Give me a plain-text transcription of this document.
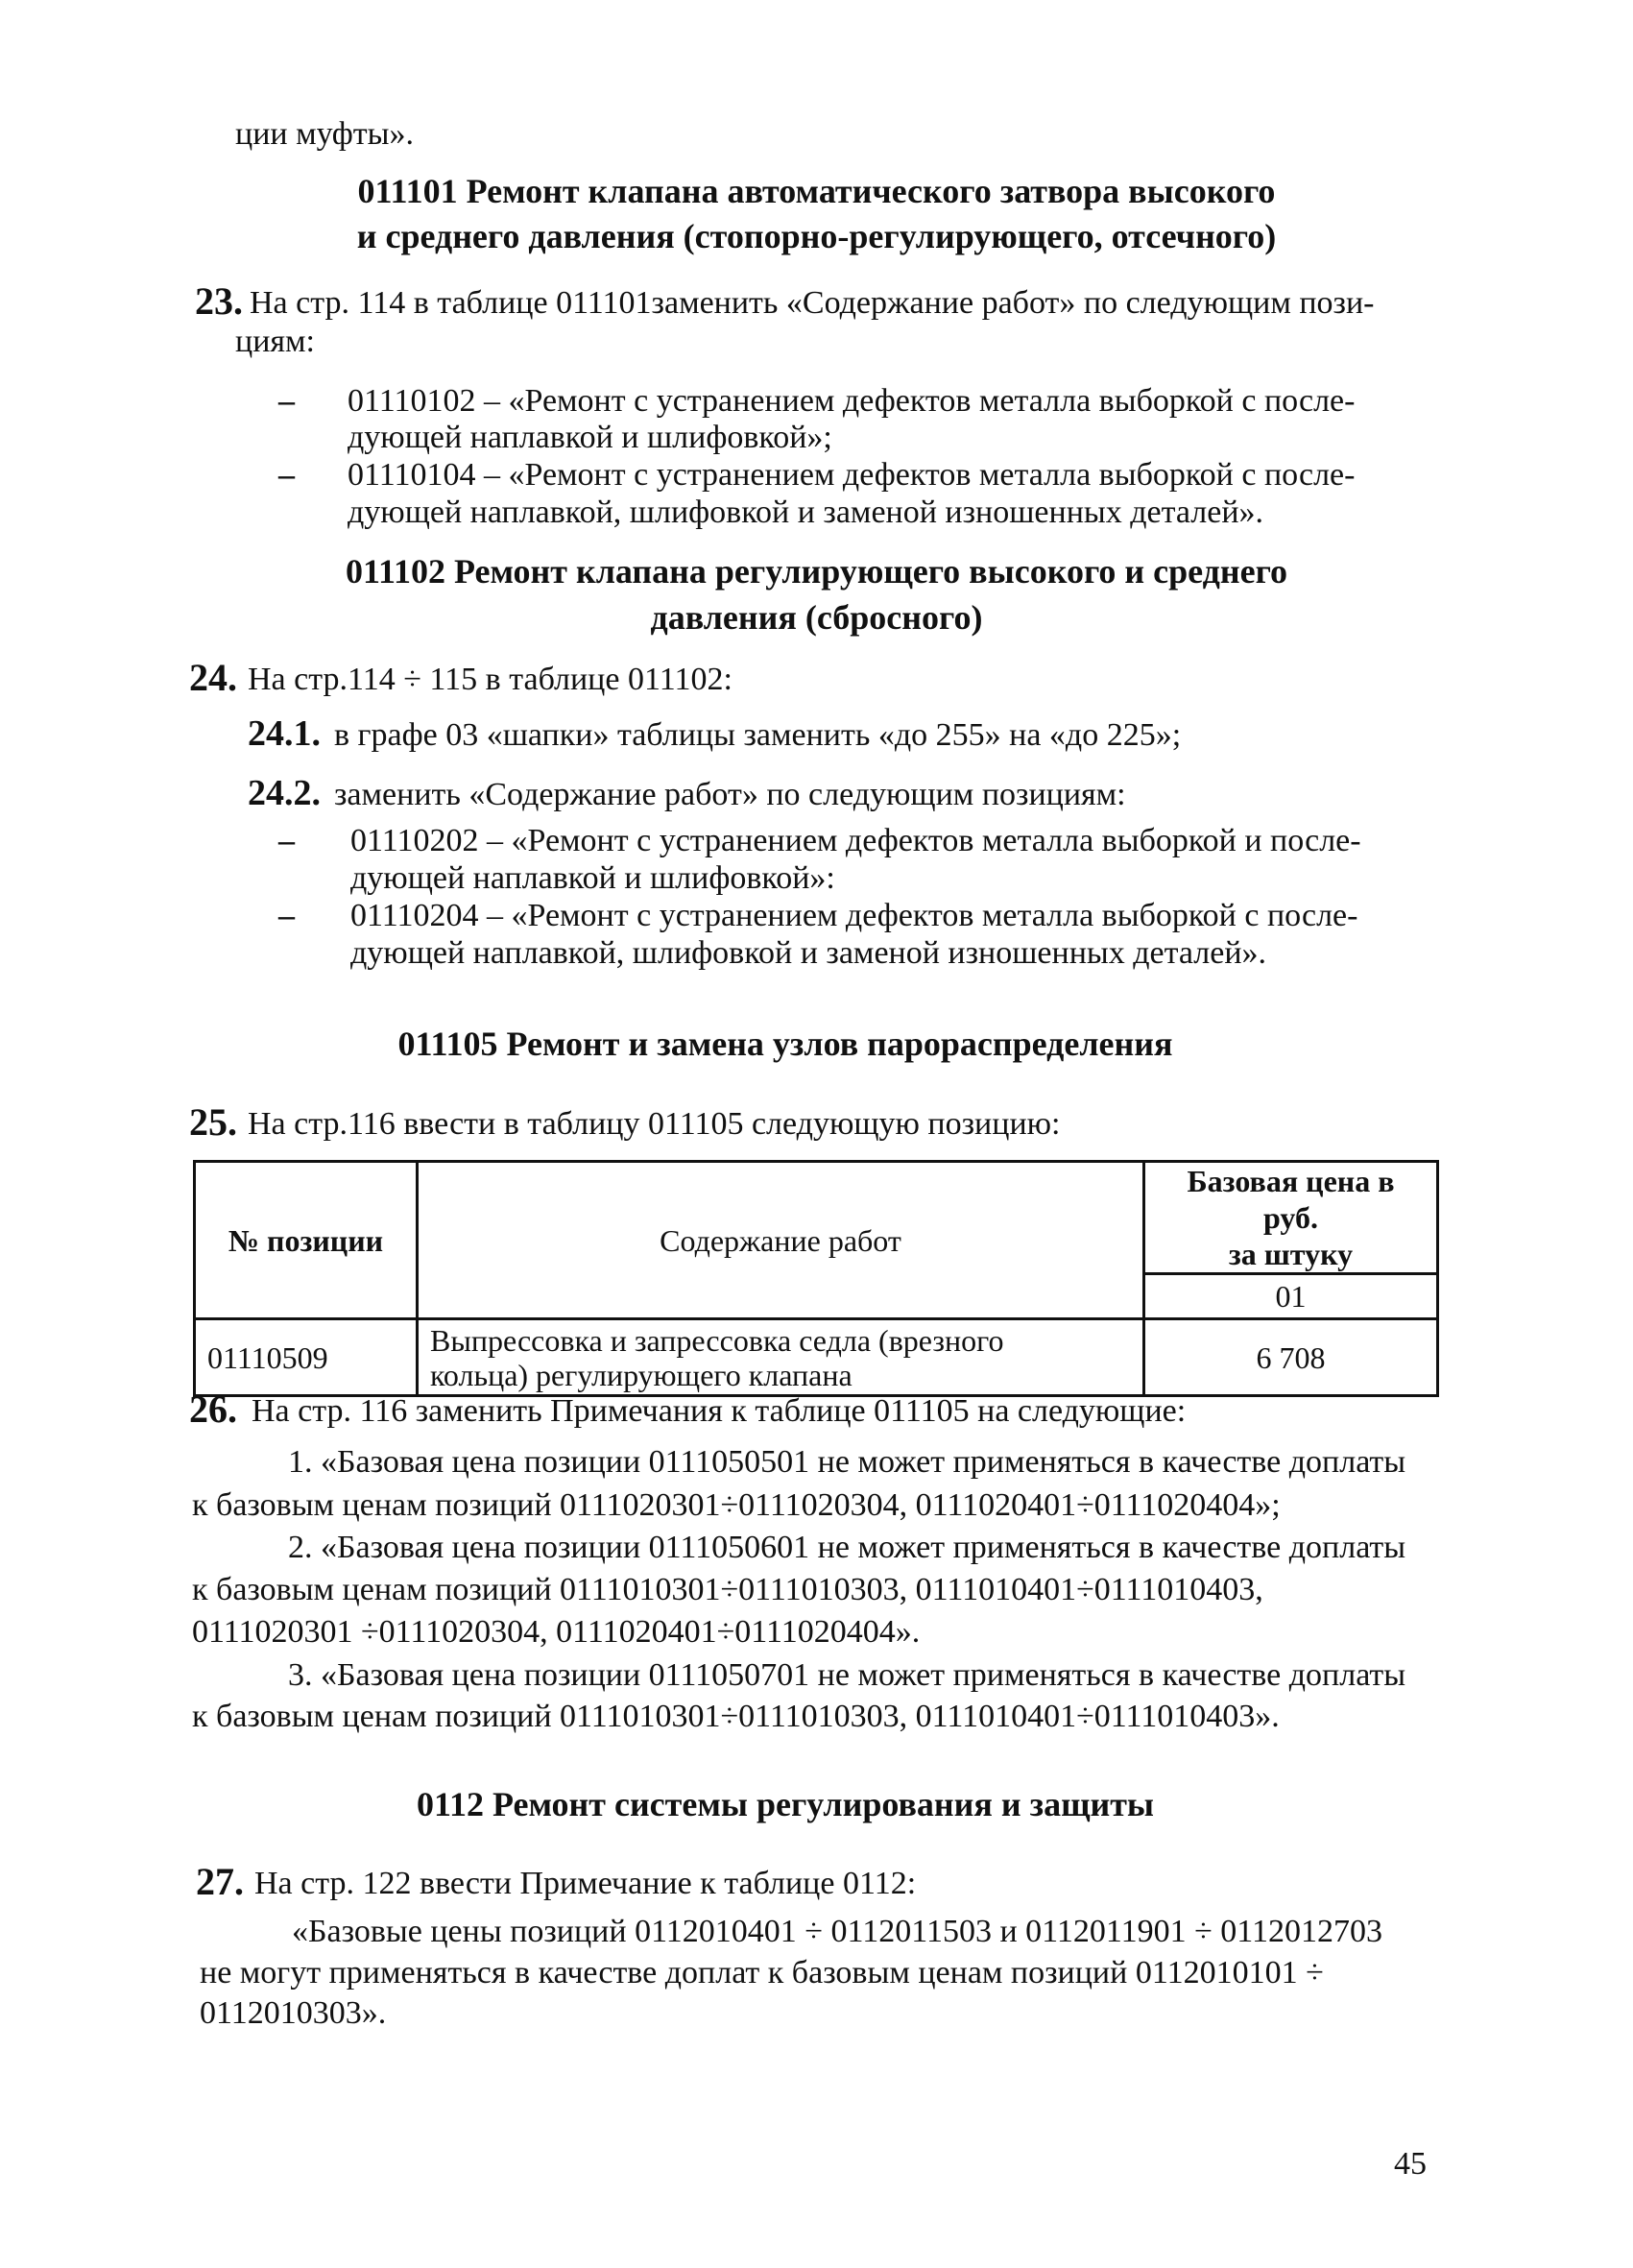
ции муфты».
011101 Ремонт клапана автоматического затвора высокого
и среднего давления (стопорно-регулирующего, отсечного)
23. На стр. 114 в таблице 011101заменить «Содержание работ» по следующим пози-
циям:
– 01110102 – «Ремонт с устранением дефектов металла выборкой с после-
дующей наплавкой и шлифовкой»;
– 01110104 – «Ремонт с устранением дефектов металла выборкой с после-
дующей наплавкой, шлифовкой и заменой изношенных деталей».
011102 Ремонт клапана регулирующего высокого и среднего
давления (сбросного)
24. На стр.114 ÷ 115 в таблице 011102:
24.1. в графе 03 «шапки» таблицы заменить «до 255» на «до 225»;
24.2. заменить «Содержание работ» по следующим позициям:
– 01110202 – «Ремонт с устранением дефектов металла выборкой и после-
дующей наплавкой и шлифовкой»:
– 01110204 – «Ремонт с устранением дефектов металла выборкой с после-
дующей наплавкой, шлифовкой и заменой изношенных деталей».
011105 Ремонт и замена узлов парораспределения
25. На стр.116 ввести в таблицу 011105 следующую позицию:
№ позиции	Содержание работ	Базовая цена в руб.
за штуку

		01
01110509	Выпрессовка и запрессовка седла (врезного
кольца) регулирующего клапана	6 708
26. На стр. 116 заменить Примечания к таблице 011105 на следующие:
1. «Базовая цена позиции 0111050501 не может применяться в качестве доплаты
к базовым ценам позиций 0111020301÷0111020304, 0111020401÷0111020404»;
2. «Базовая цена позиции 0111050601 не может применяться в качестве доплаты
к базовым ценам позиций 0111010301÷0111010303, 0111010401÷0111010403,
0111020301 ÷0111020304, 0111020401÷0111020404».
3. «Базовая цена позиции 0111050701 не может применяться в качестве доплаты
к базовым ценам позиций 0111010301÷0111010303, 0111010401÷0111010403».
0112 Ремонт системы регулирования и защиты
27. На стр. 122 ввести Примечание к таблице 0112:
«Базовые цены позиций 0112010401 ÷ 0112011503 и 0112011901 ÷ 0112012703
не могут применяться в качестве доплат к базовым ценам позиций 0112010101 ÷
0112010303».
45
